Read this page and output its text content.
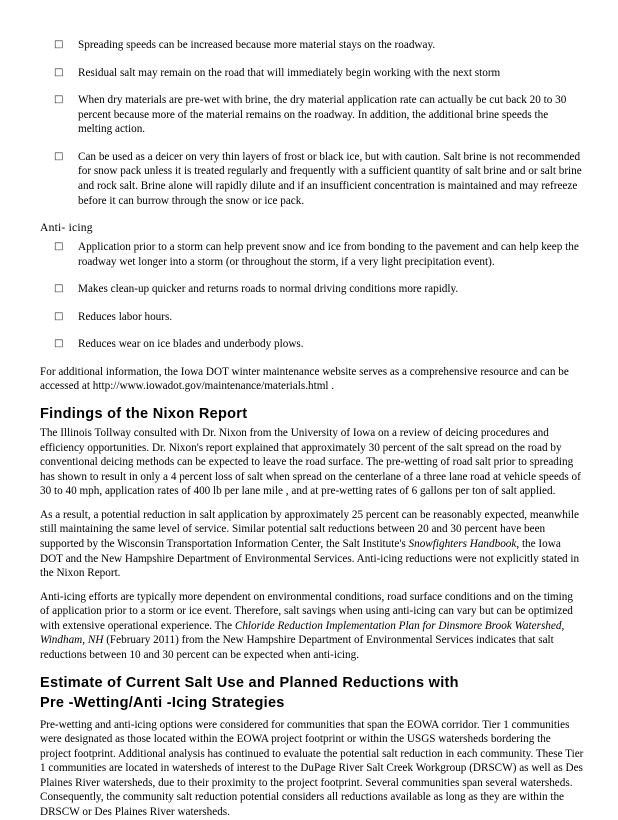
□ Spreading speeds can be increased because more material stays on the roadway.
□ Residual salt may remain on the road that will immediately begin working with the next storm
□ When dry materials are pre-wet with brine, the dry material application rate can actually be cut back 20 to 30 percent because more of the material remains on the roadway. In addition, the additional brine speeds the melting action.
□ Can be used as a deicer on very thin layers of frost or black ice, but with caution. Salt brine is not recommended for snow pack unless it is treated regularly and frequently with a sufficient quantity of salt brine and or salt brine and rock salt. Brine alone will rapidly dilute and if an insufficient concentration is maintained and may refreeze before it can burrow through the snow or ice pack.
Anti- icing
□ Application prior to a storm can help prevent snow and ice from bonding to the pavement and can help keep the roadway wet longer into a storm (or throughout the storm, if a very light precipitation event).
□ Makes clean-up quicker and returns roads to normal driving conditions more rapidly.
□ Reduces labor hours.
□ Reduces wear on ice blades and underbody plows.

For additional information, the Iowa DOT winter maintenance website serves as a comprehensive resource and can be accessed at http://www.iowadot.gov/maintenance/materials.html .

Findings of the Nixon Report

The Illinois Tollway consulted with Dr. Nixon from the University of Iowa on a review of deicing procedures and efficiency opportunities. Dr. Nixon's report explained that approximately 30 percent of the salt spread on the road by conventional deicing methods can be expected to leave the road surface. The pre-wetting of road salt prior to spreading has shown to result in only a 4 percent loss of salt when spread on the centerlane of a three lane road at vehicle speeds of 30 to 40 mph, application rates of 400 lb per lane mile , and at pre-wetting rates of 6 gallons per ton of salt applied.

As a result, a potential reduction in salt application by approximately 25 percent can be reasonably expected, meanwhile still maintaining the same level of service. Similar potential salt reductions between 20 and 30 percent have been supported by the Wisconsin Transportation Information Center, the Salt Institute's Snowfighters Handbook, the Iowa DOT and the New Hampshire Department of Environmental Services. Anti-icing reductions were not explicitly stated in the Nixon Report.

Anti-icing efforts are typically more dependent on environmental conditions, road surface conditions and on the timing of application prior to a storm or ice event. Therefore, salt savings when using anti-icing can vary but can be optimized with extensive operational experience. The Chloride Reduction Implementation Plan for Dinsmore Brook Watershed, Windham, NH (February 2011) from the New Hampshire Department of Environmental Services indicates that salt reductions between 10 and 30 percent can be expected when anti-icing.

Estimate of Current Salt Use and Planned Reductions with
Pre -Wetting/Anti -Icing Strategies

Pre-wetting and anti-icing options were considered for communities that span the EOWA corridor. Tier 1 communities were designated as those located within the EOWA project footprint or within the USGS watersheds bordering the project footprint. Additional analysis has continued to evaluate the potential salt reduction in each community. These Tier 1 communities are located in watersheds of interest to the DuPage River Salt Creek Workgroup (DRSCW) as well as Des Plaines River watersheds, due to their proximity to the project footprint. Several communities span several watersheds. Consequently, the community salt reduction potential considers all reductions available as long as they are within the DRSCW or Des Plaines River watersheds.
